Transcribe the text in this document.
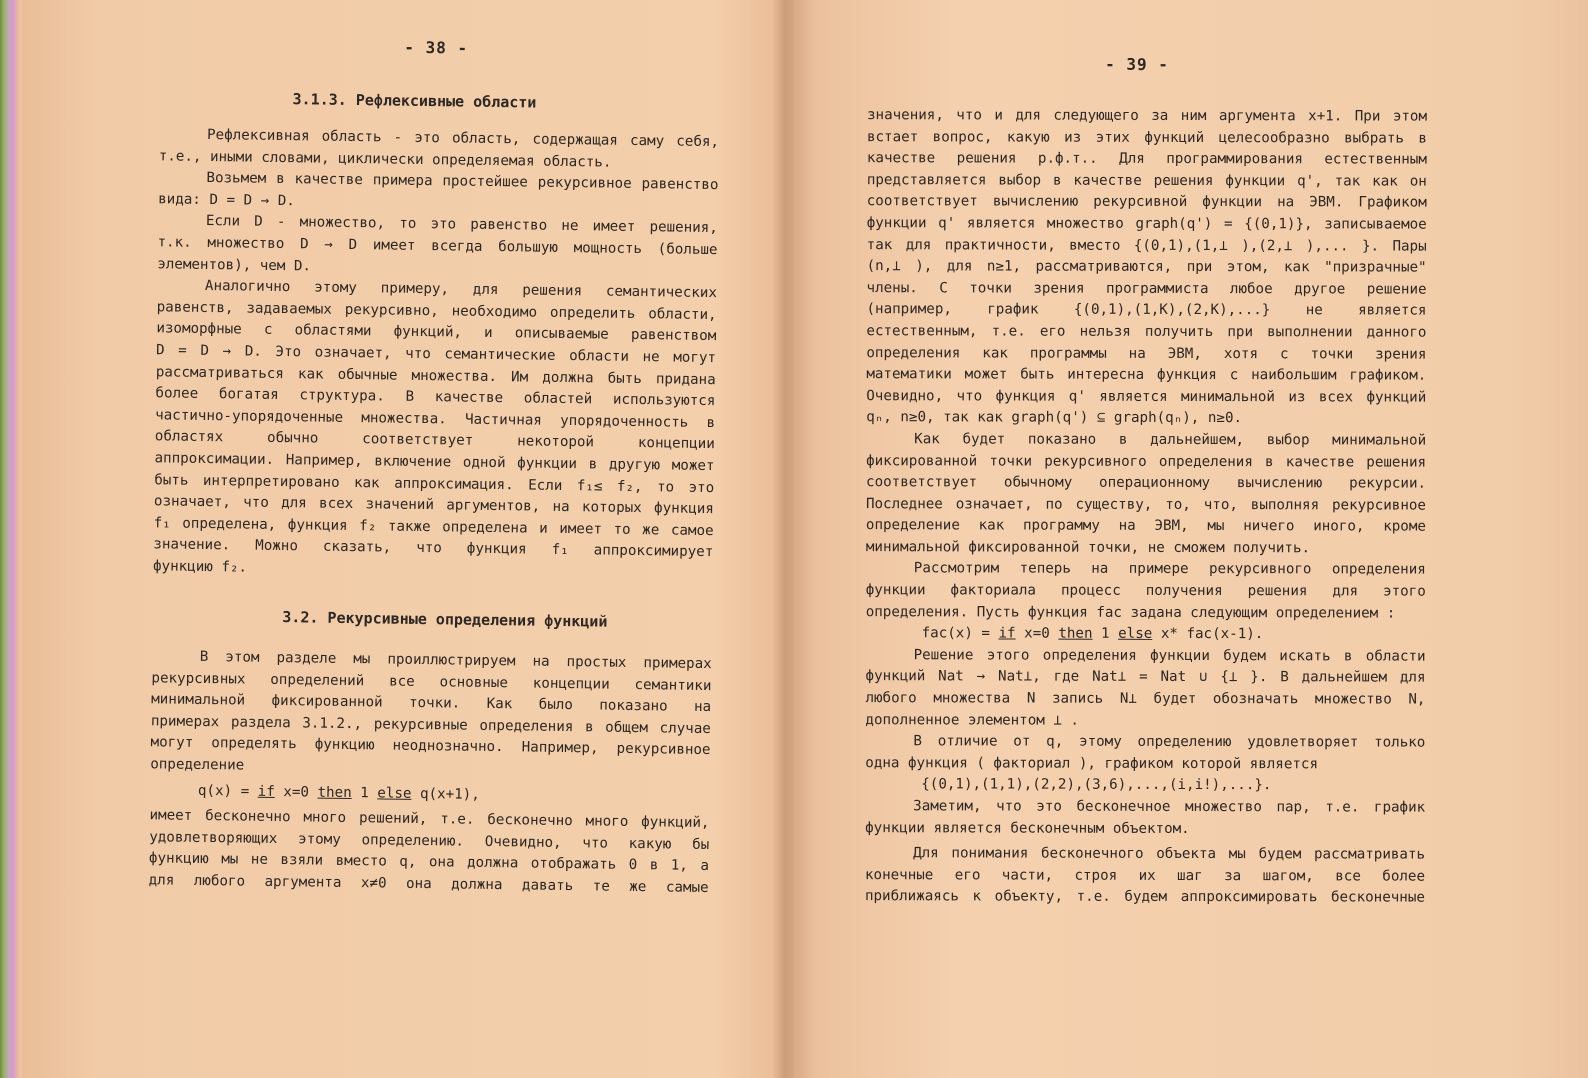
- 38 -
3.1.3. Рефлексивные области

Рефлексивная область - это область, содержащая саму себя,

т.е., иными словами, циклически определяемая область.

Возьмем в качестве примера простейшее рекурсивное равенство

вида: D = D → D.

Если D - множество, то это равенство не имеет решения,

т.к. множество D → D имеет всегда большую мощность (больше

элементов), чем D.

Аналогично этому примеру, для решения семантических

равенств, задаваемых рекурсивно, необходимо определить области,

изоморфные с областями функций, и описываемые равенством

D = D → D. Это означает, что семантические области не могут

рассматриваться как обычные множества. Им должна быть придана

более богатая структура. В качестве областей используются

частично-упорядоченные множества. Частичная упорядоченность в

областях обычно соответствует некоторой концепции

аппроксимации. Например, включение одной функции в другую может

быть интерпретировано как аппроксимация. Если f₁≤ f₂, то это

означает, что для всех значений аргументов, на которых функция

f₁ определена, функция f₂ также определена и имеет то же самое

значение. Можно сказать, что функция f₁ аппроксимирует

функцию f₂.

3.2. Рекурсивные определения функций

В этом разделе мы проиллюстрируем на простых примерах

рекурсивных определений все основные концепции семантики

минимальной фиксированной точки. Как было показано на

примерах раздела 3.1.2., рекурсивные определения в общем случае

могут определять функцию неоднозначно. Например, рекурсивное

определение

q(x) = if x=0 then 1 else q(x+1),

имеет бесконечно много решений, т.е. бесконечно много функций,

удовлетворяющих этому определению. Очевидно, что какую бы

функцию мы не взяли вместо q, она должна отображать 0 в 1, а

для любого аргумента x≠0 она должна давать те же самые

- 39 -

значения, что и для следующего за ним аргумента x+1. При этом

встает вопрос, какую из этих функций целесообразно выбрать в

качестве решения р.ф.т.. Для программирования естественным

представляется выбор в качестве решения функции q', так как он

соответствует вычислению рекурсивной функции на ЭВМ. Графиком

функции q' является множество graph(q') = {(0,1)}, записываемое

так для практичности, вместо {(0,1),(1,⊥ ),(2,⊥ ),... }. Пары

(n,⊥ ), для n≥1, рассматриваются, при этом, как "призрачные"

члены. С точки зрения программиста любое другое решение

(например, график {(0,1),(1,K),(2,K),...} не является

естественным, т.е. его нельзя получить при выполнении данного

определения как программы на ЭВМ, хотя с точки зрения

математики может быть интересна функция с наибольшим графиком.

Очевидно, что функция q' является минимальной из всех функций

qₙ, n≥0, так как graph(q') ⊆ graph(qₙ), n≥0.

Как будет показано в дальнейшем, выбор минимальной

фиксированной точки рекурсивного определения в качестве решения

соответствует обычному операционному вычислению рекурсии.

Последнее означает, по существу, то, что, выполняя рекурсивное

определение как программу на ЭВМ, мы ничего иного, кроме

минимальной фиксированной точки, не сможем получить.

Рассмотрим теперь на примере рекурсивного определения

функции факториала процесс получения решения для этого

определения. Пусть функция fac задана следующим определением :

fac(x) = if x=0 then 1 else x* fac(x-1).

Решение этого определения функции будем искать в области

функций Nat → Nat⊥, где Nat⊥ = Nat ∪ {⊥ }. В дальнейшем для

любого множества N запись N⊥ будет обозначать множество N,

дополненное элементом ⊥ .

В отличие от q, этому определению удовлетворяет только

одна функция ( факториал ), графиком которой является

{(0,1),(1,1),(2,2),(3,6),...,(i,i!),...}.

Заметим, что это бесконечное множество пар, т.е. график

функции является бесконечным объектом.

Для понимания бесконечного объекта мы будем рассматривать

конечные его части, строя их шаг за шагом, все более

приближаясь к объекту, т.е. будем аппроксимировать бесконечные
